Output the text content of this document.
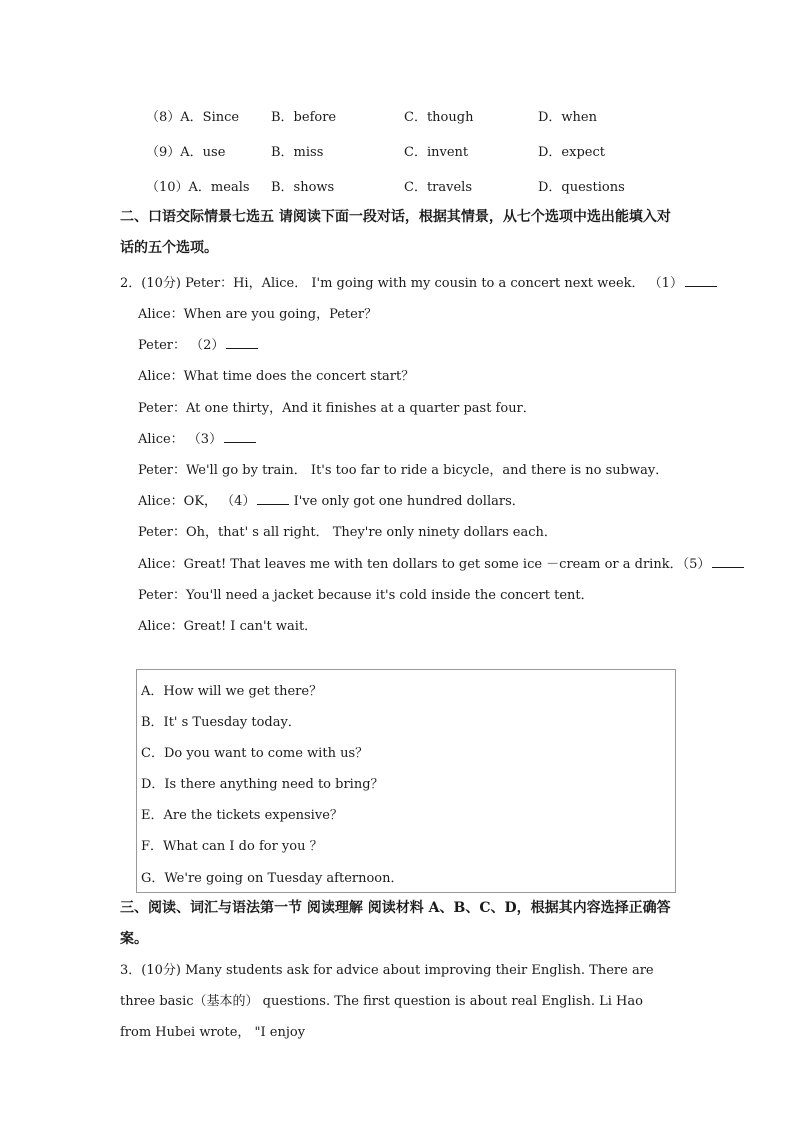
（8）A．Since B．before	C．though	D．when
（9）A．use	B．miss	C．invent	D．expect
（10）A．meals B．shows	C．travels	D．questions
二、口语交际情景七选五 请阅读下面一段对话，根据其情景，从七个选项中选出能填入对话的五个选项。
2．(10分) Peter：Hi，Alice． I'm going with my cousin to a concert next week． （1）
Alice：When are you going，Peter？
Peter： （2）
Alice：What time does the concert start？
Peter：At one thirty，And it finishes at a quarter past four．
Alice： （3）
Peter：We'll go by train． It's too far to ride a bicycle，and there is no subway．
Alice：OK， （4）	I've only got one hundred dollars．
Peter：Oh，that' s all right． They're only ninety dollars each．
Alice：Great! That leaves me with ten dollars to get some ice －cream or a drink．（5）
Peter：You'll need a jacket because it's cold inside the concert tent．
Alice：Great! I can't wait．
A．How will we get there？
B．It' s Tuesday today．
C．Do you want to come with us？
D．Is there anything need to bring？
E．Are the tickets expensive？
F．What can I do for you ？
G．We're going on Tuesday afternoon．
三、阅读、词汇与语法第一节 阅读理解 阅读材料 A、B、C、D，根据其内容选择正确答案。
3．(10分) Many students ask for advice about improving their English. There are three basic（基本的） questions. The first question is about real English. Li Hao from Hubei wrote， "I enjoy
